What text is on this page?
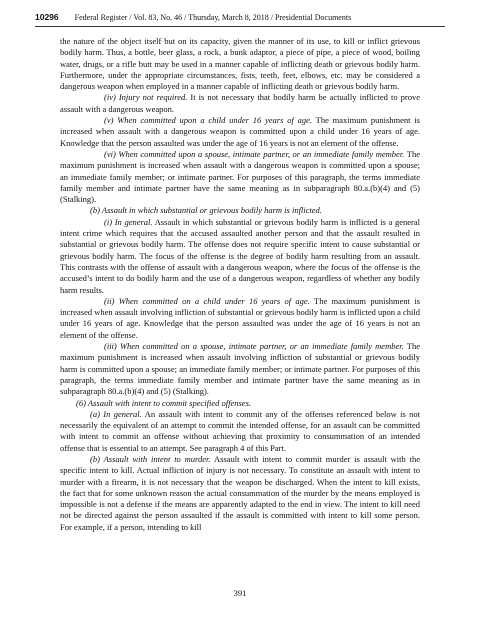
10296 Federal Register / Vol. 83, No. 46 / Thursday, March 8, 2018 / Presidential Documents

the nature of the object itself but on its capacity, given the manner of its use, to kill or inflict grievous bodily harm. Thus, a bottle, beer glass, a rock, a bunk adaptor, a piece of pipe, a piece of wood, boiling water, drugs, or a rifle butt may be used in a manner capable of inflicting death or grievous bodily harm. Furthermore, under the appropriate circumstances, fists, teeth, feet, elbows, etc. may be considered a dangerous weapon when employed in a manner capable of inflicting death or grievous bodily harm.

(iv) Injury not required. It is not necessary that bodily harm be actually inflicted to prove assault with a dangerous weapon.

(v) When committed upon a child under 16 years of age. The maximum punishment is increased when assault with a dangerous weapon is committed upon a child under 16 years of age. Knowledge that the person assaulted was under the age of 16 years is not an element of the offense.

(vi) When committed upon a spouse, intimate partner, or an immediate family member. The maximum punishment is increased when assault with a dangerous weapon is committed upon a spouse; an immediate family member; or intimate partner. For purposes of this paragraph, the terms immediate family member and intimate partner have the same meaning as in subparagraph 80.a.(b)(4) and (5) (Stalking).

(b) Assault in which substantial or grievous bodily harm is inflicted.

(i) In general. Assault in which substantial or grievous bodily harm is inflicted is a general intent crime which requires that the accused assaulted another person and that the assault resulted in substantial or grievous bodily harm. The offense does not require specific intent to cause substantial or grievous bodily harm. The focus of the offense is the degree of bodily harm resulting from an assault. This contrasts with the offense of assault with a dangerous weapon, where the focus of the offense is the accused’s intent to do bodily harm and the use of a dangerous weapon, regardless of whether any bodily harm results.

(ii) When committed on a child under 16 years of age. The maximum punishment is increased when assault involving infliction of substantial or grievous bodily harm is inflicted upon a child under 16 years of age. Knowledge that the person assaulted was under the age of 16 years is not an element of the offense.

(iii) When committed on a spouse, intimate partner, or an immediate family member. The maximum punishment is increased when assault involving infliction of substantial or grievous bodily harm is committed upon a spouse; an immediate family member; or intimate partner. For purposes of this paragraph, the terms immediate family member and intimate partner have the same meaning as in subparagraph 80.a.(b)(4) and (5) (Stalking).

(6) Assault with intent to commit specified offenses.

(a) In general. An assault with intent to commit any of the offenses referenced below is not necessarily the equivalent of an attempt to commit the intended offense, for an assault can be committed with intent to commit an offense without achieving that proximity to consummation of an intended offense that is essential to an attempt. See paragraph 4 of this Part.

(b) Assault with intent to murder. Assault with intent to commit murder is assault with the specific intent to kill. Actual infliction of injury is not necessary. To constitute an assault with intent to murder with a firearm, it is not necessary that the weapon be discharged. When the intent to kill exists, the fact that for some unknown reason the actual consummation of the murder by the means employed is impossible is not a defense if the means are apparently adapted to the end in view. The intent to kill need not be directed against the person assaulted if the assault is committed with intent to kill some person. For example, if a person, intending to kill

391
